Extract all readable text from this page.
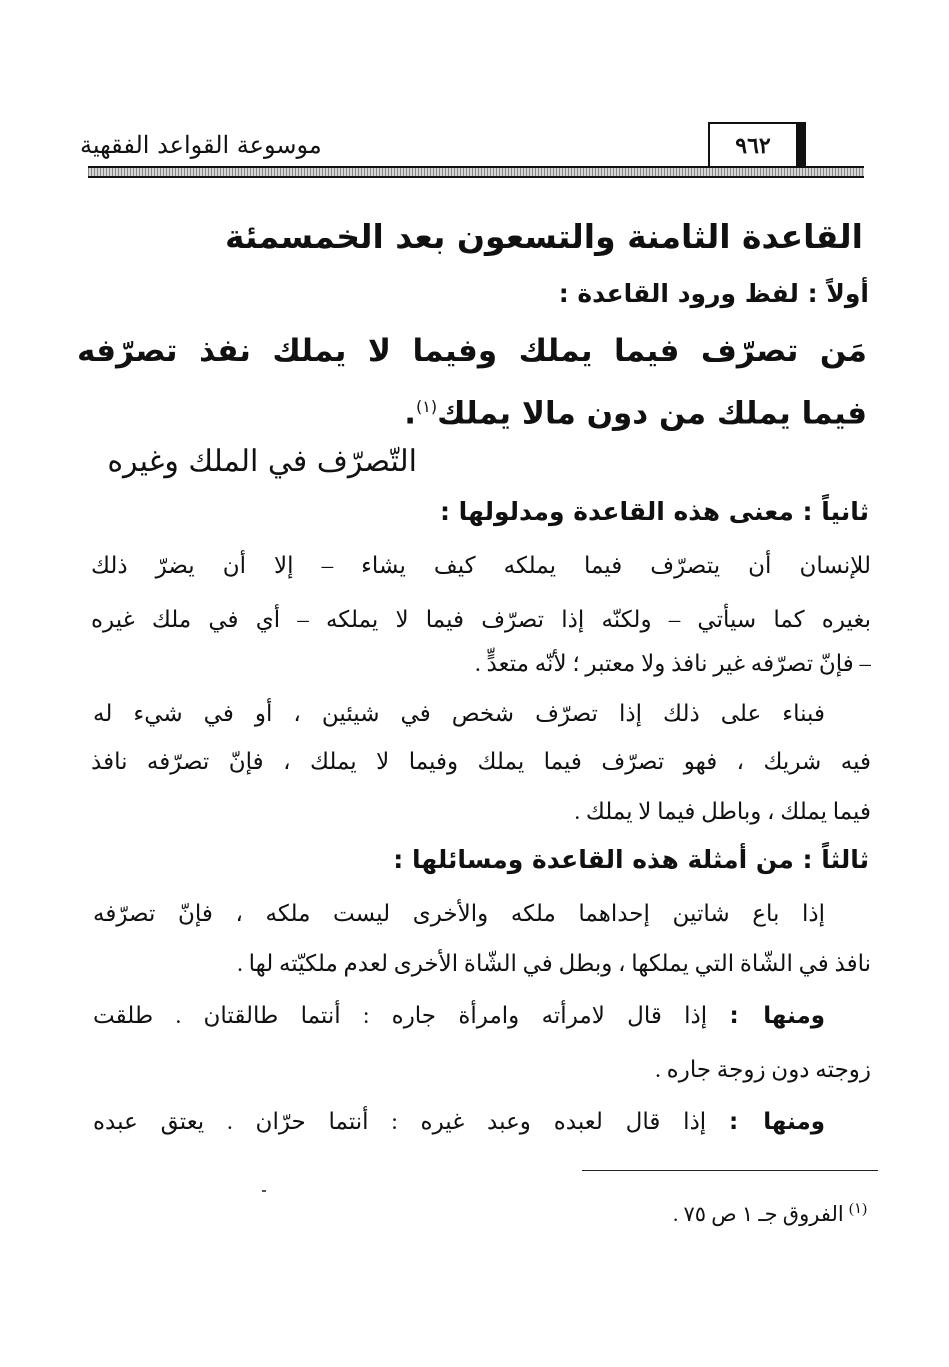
موسوعة القواعد الفقهية	٩٦٢
القاعدة الثامنة والتسعون بعد الخمسمئة
أولاً : لفظ ورود القاعدة :
مَن تصرّف فيما يملك وفيما لا يملك نفذ تصرّفه
فيما يملك من دون مالا يملك$^{(١)}$.
التّصرّف في الملك وغيره
ثانياً : معنى هذه القاعدة ومدلولها :
للإنسان أن يتصرّف فيما يملكه كيف يشاء – إلا أن يضرّ ذلك
بغيره كما سيأتي – ولكنّه إذا تصرّف فيما لا يملكه – أي في ملك غيره
– فإنّ تصرّفه غير نافذ ولا معتبر ؛ لأنّه متعدٍّ .
فبناء على ذلك إذا تصرّف شخص في شيئين ، أو في شيء له
فيه شريك ، فهو تصرّف فيما يملك وفيما لا يملك ، فإنّ تصرّفه نافذ
فيما يملك ، وباطل فيما لا يملك .
ثالثاً : من أمثلة هذه القاعدة ومسائلها :
إذا باع شاتين إحداهما ملكه والأخرى ليست ملكه ، فإنّ تصرّفه
نافذ في الشّاة التي يملكها ، وبطل في الشّاة الأخرى لعدم ملكيّته لها .
ومنها : إذا قال لامرأته وامرأة جاره : أنتما طالقتان . طلقت
زوجته دون زوجة جاره .
ومنها : إذا قال لعبده وعبد غيره : أنتما حرّان . يعتق عبده
$^{(١)}$ الفروق جـ ١ ص ٧٥ .
